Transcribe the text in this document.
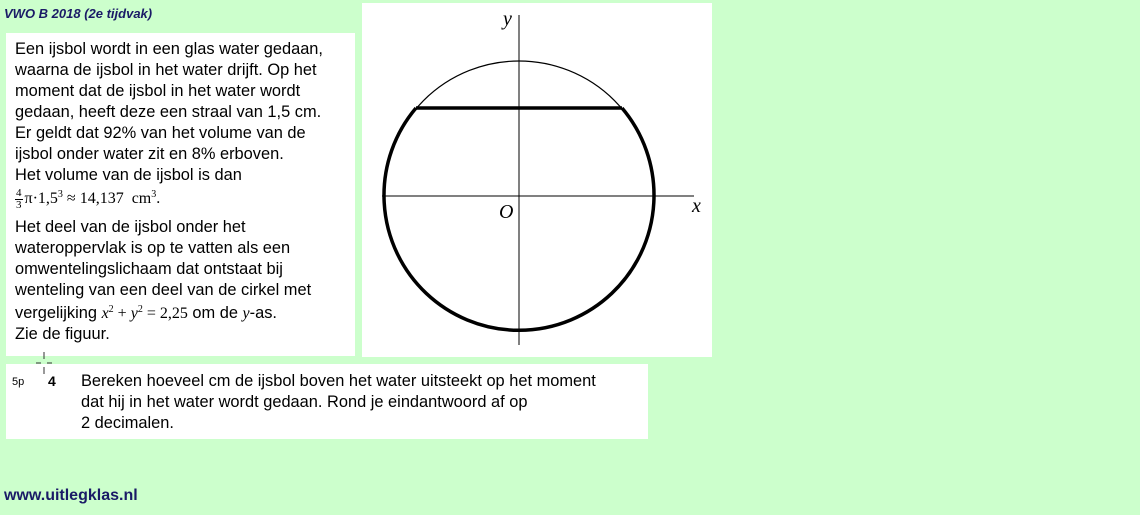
VWO B 2018 (2e tijdvak)

Een ijsbol wordt in een glas water gedaan,

waarna de ijsbol in het water drijft. Op het

moment dat de ijsbol in het water wordt

gedaan, heeft deze een straal van 1,5 cm.

Er geldt dat 92% van het volume van de

ijsbol onder water zit en 8% erboven.

Het volume van de ijsbol is dan

$\frac{4}{3} \pi\cdot 1,5^3 \approx 14,137$  $cm^3$.

Het deel van de ijsbol onder het

wateroppervlak is op te vatten als een

omwentelingslichaam dat ontstaat bij

wenteling van een deel van de cirkel met

vergelijking $x^2 + y^2 = 2,25$ om de y-as.

Zie de figuur.

y
x
O
5p 4 Bereken hoeveel cm de ijsbol boven het water uitsteekt op het moment
dat hij in het water wordt gedaan. Rond je eindantwoord af op
2 decimalen.
www.uitlegklas.nl
